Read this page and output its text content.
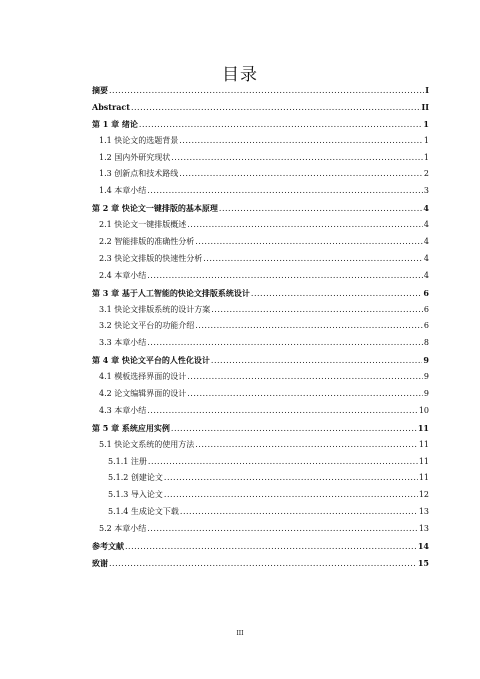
目录
摘要 .....	I
Abstract .....	II
第 1 章 绪论 .....	1
1.1 快论文的选题背景 .....	1
1.2 国内外研究现状 .....	1
1.3 创新点和技术路线 .....	2
1.4 本章小结 .....	3
第 2 章 快论文一键排版的基本原理 .....	4
2.1 快论文一键排版概述 .....	4
2.2 智能排版的准确性分析 .....	4
2.3 快论文排版的快速性分析 .....	4
2.4 本章小结 .....	4
第 3 章 基于人工智能的快论文排版系统设计 .....	6
3.1 快论文排版系统的设计方案 .....	6
3.2 快论文平台的功能介绍 .....	6
3.3 本章小结 .....	8
第 4 章 快论文平台的人性化设计 .....	9
4.1 模板选择界面的设计 .....	9
4.2 论文编辑界面的设计 .....	9
4.3 本章小结 .....	10
第 5 章 系统应用实例 .....	11
5.1 快论文系统的使用方法 .....	11
5.1.1 注册 .....	11
5.1.2 创建论文 .....	11
5.1.3 导入论文 .....	12
5.1.4 生成论文下载 .....	13
5.2 本章小结 .....	13
参考文献 .....	14
致谢 .....	15
III
